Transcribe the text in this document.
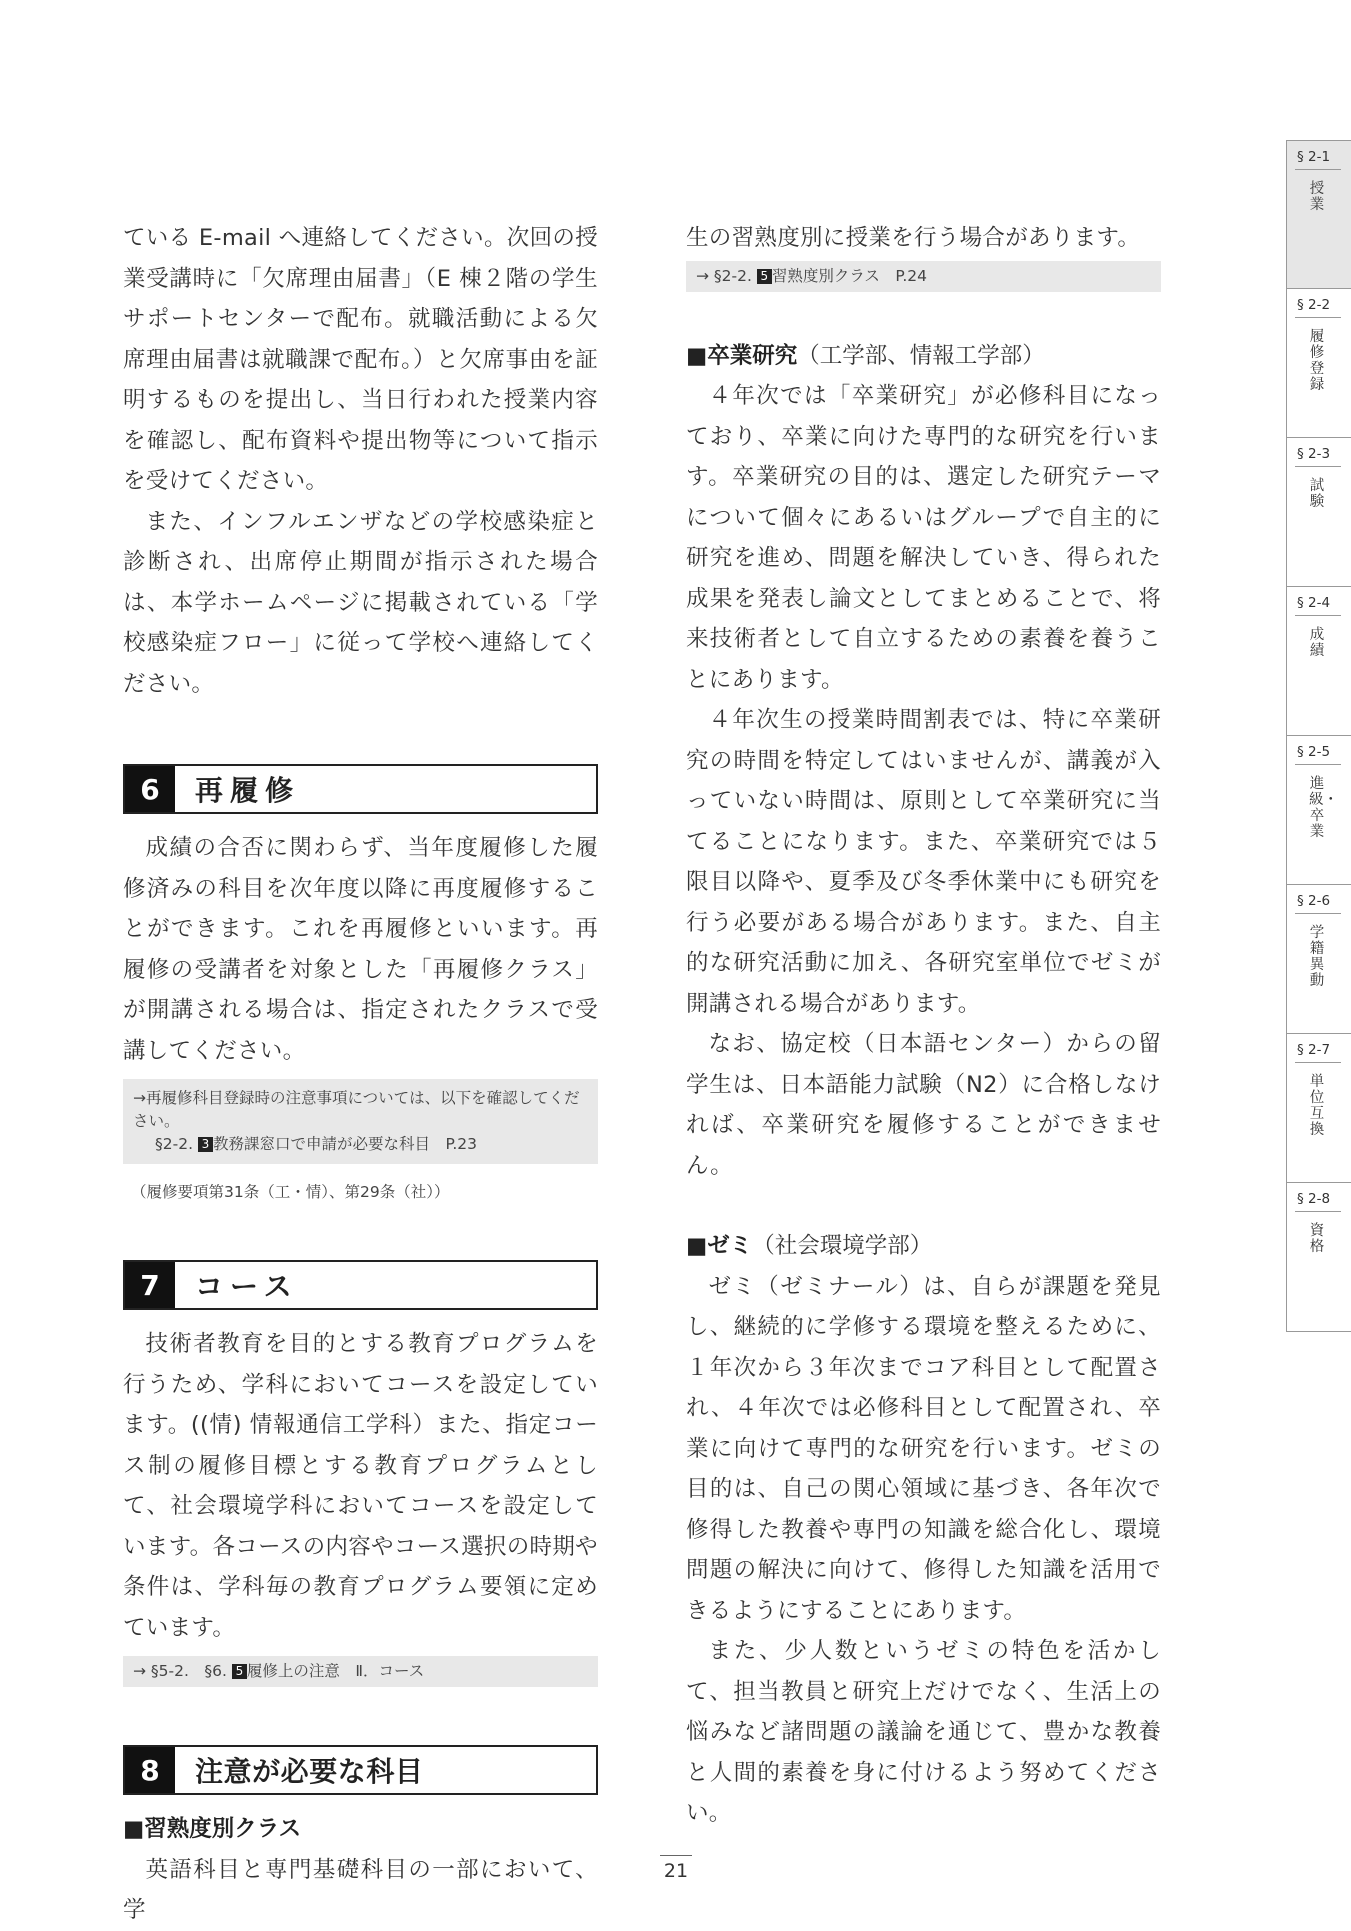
ている E-mail へ連絡してください。次回の授業受講時に「欠席理由届書」（E 棟２階の学生サポートセンターで配布。就職活動による欠席理由届書は就職課で配布。）と欠席事由を証明するものを提出し、当日行われた授業内容を確認し、配布資料や提出物等について指示を受けてください。

また、インフルエンザなどの学校感染症と診断され、出席停止期間が指示された場合は、本学ホームページに掲載されている「学校感染症フロー」に従って学校へ連絡してください。

6	再履修

成績の合否に関わらず、当年度履修した履修済みの科目を次年度以降に再度履修することができます。これを再履修といいます。再履修の受講者を対象とした「再履修クラス」が開講される場合は、指定されたクラスで受講してください。

→再履修科目登録時の注意事項については、以下を確認してください。
§2-2. 3 教務課窓口で申請が必要な科目　P.23
（履修要項第31条（工・情）、第29条（社））
7	コース

技術者教育を目的とする教育プログラムを行うため、学科においてコースを設定しています。((情) 情報通信工学科）また、指定コース制の履修目標とする教育プログラムとして、社会環境学科においてコースを設定しています。各コースの内容やコース選択の時期や条件は、学科毎の教育プログラム要領に定めています。

→ §5-2.　§6. 5 履修上の注意　Ⅱ．コース
8	注意が必要な科目

■習熟度別クラス

英語科目と専門基礎科目の一部において、学

生の習熟度別に授業を行う場合があります。

→ §2-2. 5 習熟度別クラス　P.24

■卒業研究（工学部、情報工学部）

４年次では「卒業研究」が必修科目になっており、卒業に向けた専門的な研究を行います。卒業研究の目的は、選定した研究テーマについて個々にあるいはグループで自主的に研究を進め、問題を解決していき、得られた成果を発表し論文としてまとめることで、将来技術者として自立するための素養を養うことにあります。

４年次生の授業時間割表では、特に卒業研究の時間を特定してはいませんが、講義が入っていない時間は、原則として卒業研究に当てることになります。また、卒業研究では５限目以降や、夏季及び冬季休業中にも研究を行う必要がある場合があります。また、自主的な研究活動に加え、各研究室単位でゼミが開講される場合があります。

なお、協定校（日本語センター）からの留学生は、日本語能力試験（N2）に合格しなければ、卒業研究を履修することができません。

■ゼミ（社会環境学部）

ゼミ（ゼミナール）は、自らが課題を発見し、継続的に学修する環境を整えるために、１年次から３年次までコア科目として配置され、４年次では必修科目として配置され、卒業に向けて専門的な研究を行います。ゼミの目的は、自己の関心領域に基づき、各年次で修得した教養や専門の知識を総合化し、環境問題の解決に向けて、修得した知識を活用できるようにすることにあります。

また、少人数というゼミの特色を活かして、担当教員と研究上だけでなく、生活上の悩みなど諸問題の議論を通じて、豊かな教養と人間的素養を身に付けるよう努めてください。

§ 2-1
授業
§ 2-2
履修登録
§ 2-3
試験
§ 2-4
成績
§ 2-5
進級・卒業
§ 2-6
学籍異動
§ 2-7
単位互換
§ 2-8
資格
21
